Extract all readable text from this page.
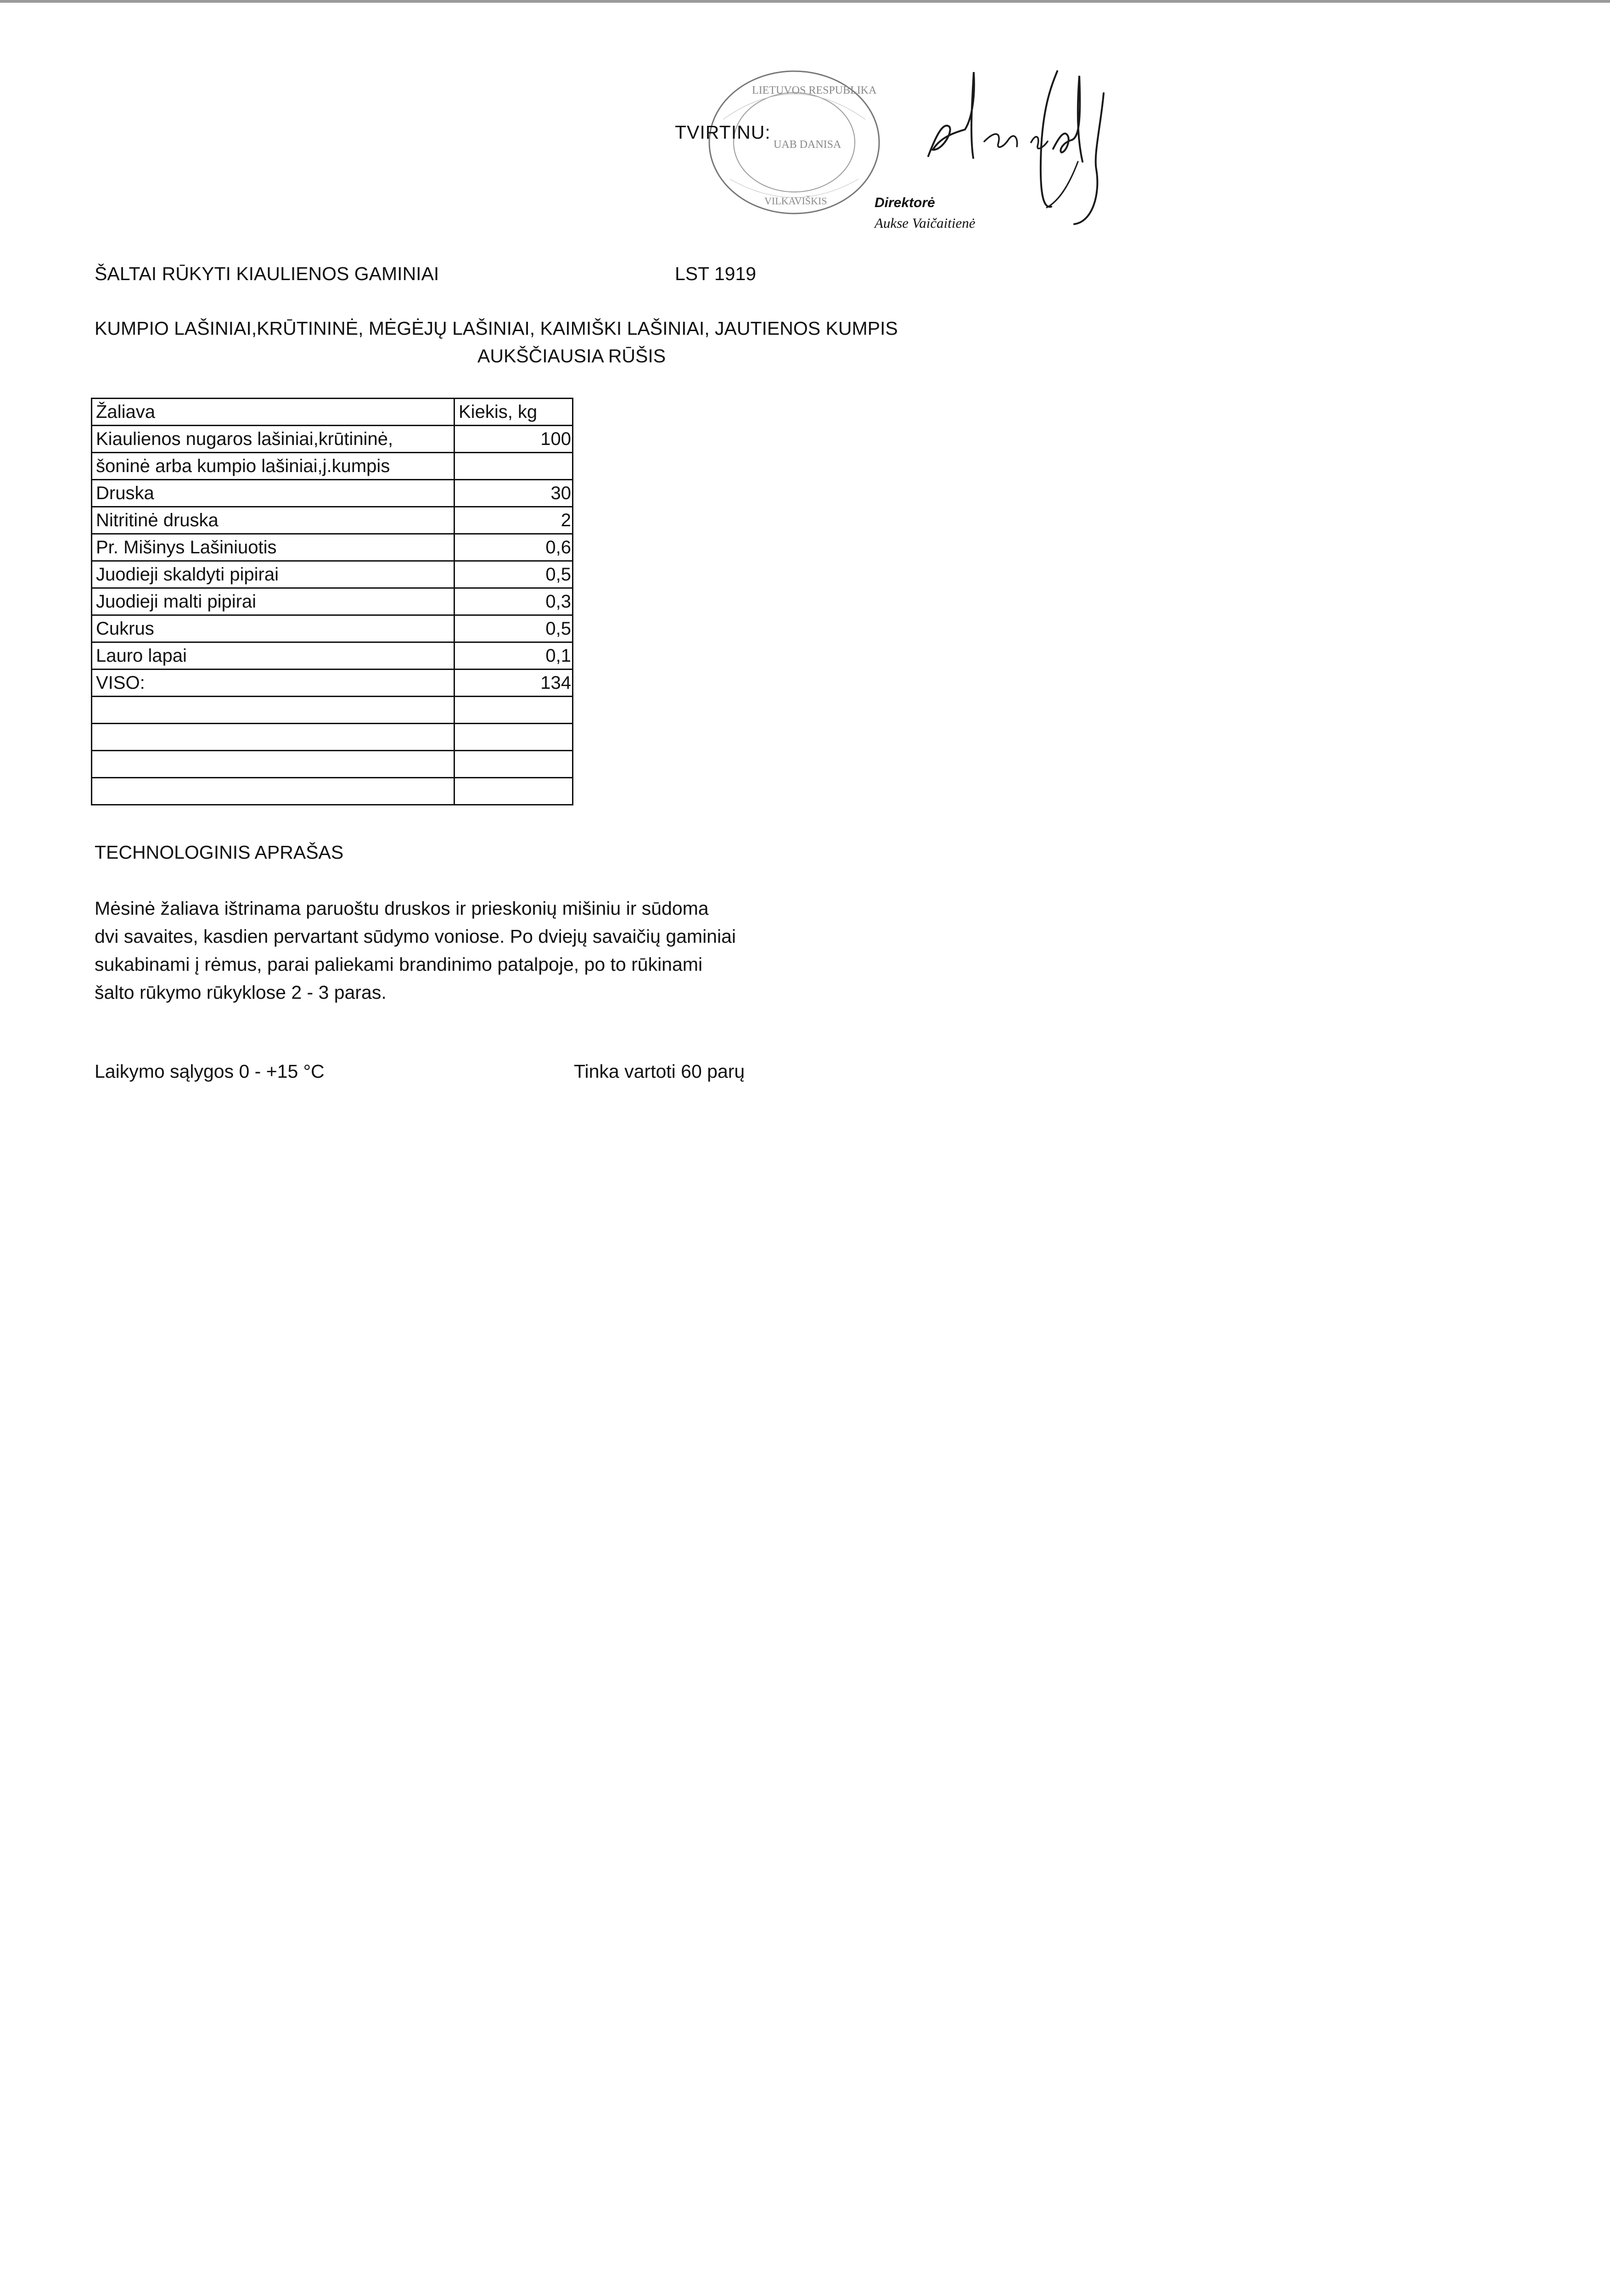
LIETUVOS RESPUBLIKA
UAB DANISA
VILKAVIŠKIS
TVIRTINU:
Direktorė
Aukse Vaičaitienė
ŠALTAI RŪKYTI KIAULIENOS GAMINIAI	LST 1919
KUMPIO LAŠINIAI,KRŪTININĖ, MĖGĖJŲ LAŠINIAI, KAIMIŠKI LAŠINIAI, JAUTIENOS KUMPIS
AUKŠČIAUSIA RŪŠIS
Žaliava	Kiekis, kg
Kiaulienos nugaros lašiniai,krūtininė,	100
šoninė arba kumpio lašiniai,j.kumpis	
Druska	30
Nitritinė druska	2
Pr. Mišinys Lašiniuotis	0,6
Juodieji skaldyti pipirai	0,5
Juodieji malti pipirai	0,3
Cukrus	0,5
Lauro lapai	0,1
VISO:	134

TECHNOLOGINIS APRAŠAS
Mėsinė žaliava ištrinama paruoštu druskos ir prieskonių mišiniu ir sūdoma
dvi savaites, kasdien pervartant sūdymo voniose. Po dviejų savaičių gaminiai
sukabinami į rėmus, parai paliekami brandinimo patalpoje, po to rūkinami
šalto rūkymo rūkyklose 2 - 3 paras.
Laikymo sąlygos 0 - +15 °C	Tinka vartoti 60 parų
